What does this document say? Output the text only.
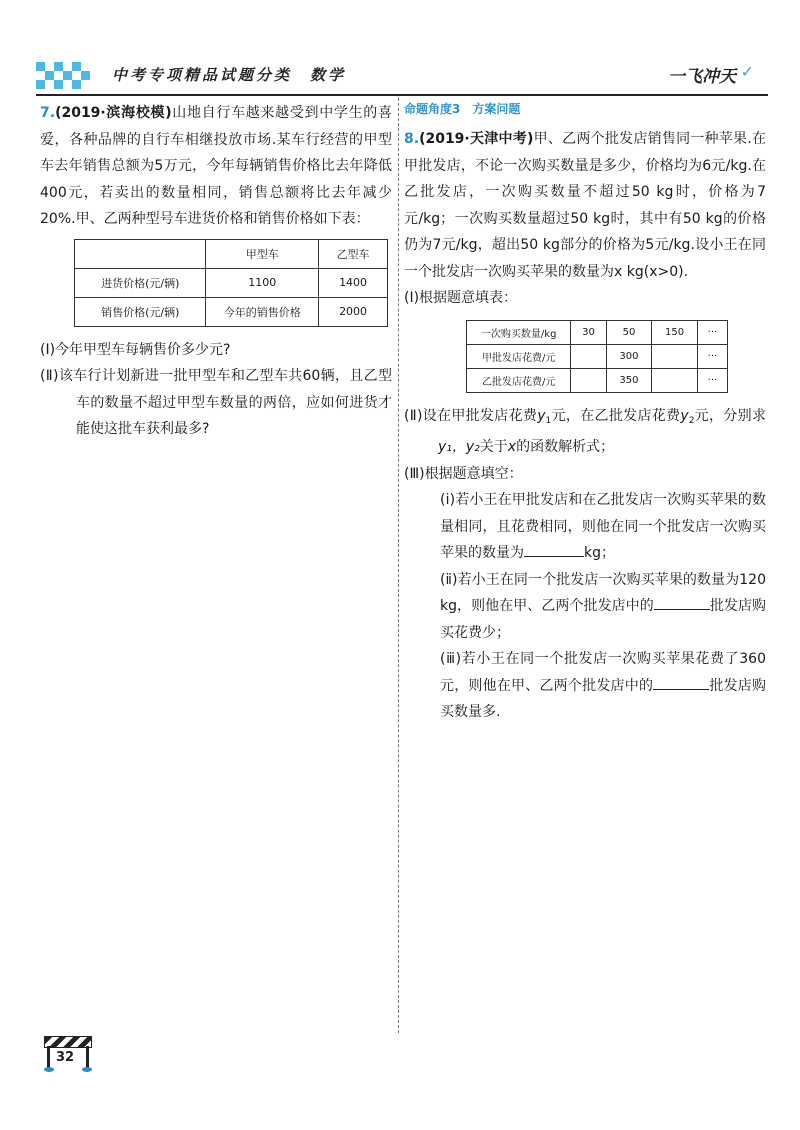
中考专项精品试题分类　数学	一飞冲天 ✓

7.(2019·滨海校模)山地自行车越来越受到中学生的喜爱，各种品牌的自行车相继投放市场.某车行经营的甲型车去年销售总额为5万元，今年每辆销售价格比去年降低400元，若卖出的数量相同，销售总额将比去年减少20%.甲、乙两种型号车进货价格和销售价格如下表：

	甲型车	乙型车
进货价格(元/辆)	1100	1400
销售价格(元/辆)	今年的销售价格	2000

(Ⅰ)今年甲型车每辆售价多少元?

(Ⅱ)该车行计划新进一批甲型车和乙型车共60辆，且乙型车的数量不超过甲型车数量的两倍，应如何进货才能使这批车获利最多?

命题角度3　方案问题

8.(2019·天津中考)甲、乙两个批发店销售同一种苹果.在甲批发店，不论一次购买数量是多少，价格均为6元/kg.在乙批发店，一次购买数量不超过50 kg时，价格为7元/kg；一次购买数量超过50 kg时，其中有50 kg的价格仍为7元/kg，超出50 kg部分的价格为5元/kg.设小王在同一个批发店一次购买苹果的数量为x kg(x>0).

(Ⅰ)根据题意填表：

一次购买数量/kg	30	50	150	···
甲批发店花费/元		300		···
乙批发店花费/元		350		···

(Ⅱ)设在甲批发店花费$y_1$元，在乙批发店花费$y_2$元，分别求y₁，y₂关于x的函数解析式；

(Ⅲ)根据题意填空：

(ⅰ)若小王在甲批发店和在乙批发店一次购买苹果的数量相同，且花费相同，则他在同一个批发店一次购买苹果的数量为	kg；

(ⅱ)若小王在同一个批发店一次购买苹果的数量为120 kg，则他在甲、乙两个批发店中的	批发店购买花费少；

(ⅲ)若小王在同一个批发店一次购买苹果花费了360元，则他在甲、乙两个批发店中的	批发店购买数量多.

32
